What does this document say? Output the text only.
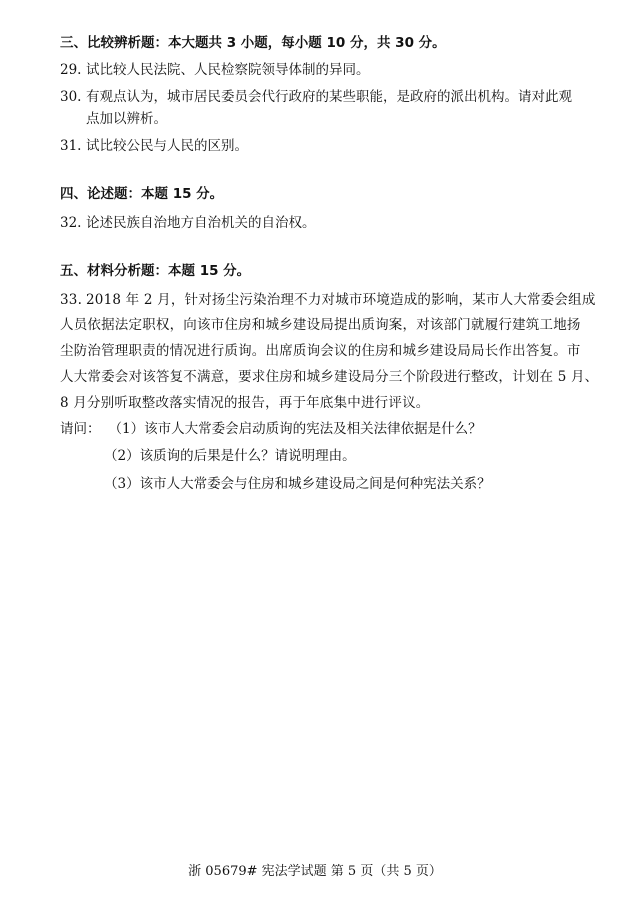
三、比较辨析题：本大题共 3 小题，每小题 10 分，共 30 分。
29. 试比较人民法院、人民检察院领导体制的异同。
30. 有观点认为，城市居民委员会代行政府的某些职能，是政府的派出机构。请对此观
点加以辨析。
31. 试比较公民与人民的区别。
四、论述题：本题 15 分。
32. 论述民族自治地方自治机关的自治权。
五、材料分析题：本题 15 分。
33. 2018 年 2 月，针对扬尘污染治理不力对城市环境造成的影响，某市人大常委会组成
人员依据法定职权，向该市住房和城乡建设局提出质询案，对该部门就履行建筑工地扬
尘防治管理职责的情况进行质询。出席质询会议的住房和城乡建设局局长作出答复。市
人大常委会对该答复不满意，要求住房和城乡建设局分三个阶段进行整改，计划在 5 月、
8 月分别听取整改落实情况的报告，再于年底集中进行评议。
请问： （1）该市人大常委会启动质询的宪法及相关法律依据是什么？
（2）该质询的后果是什么？请说明理由。
（3）该市人大常委会与住房和城乡建设局之间是何种宪法关系？
浙 05679# 宪法学试题 第 5 页（共 5 页）
